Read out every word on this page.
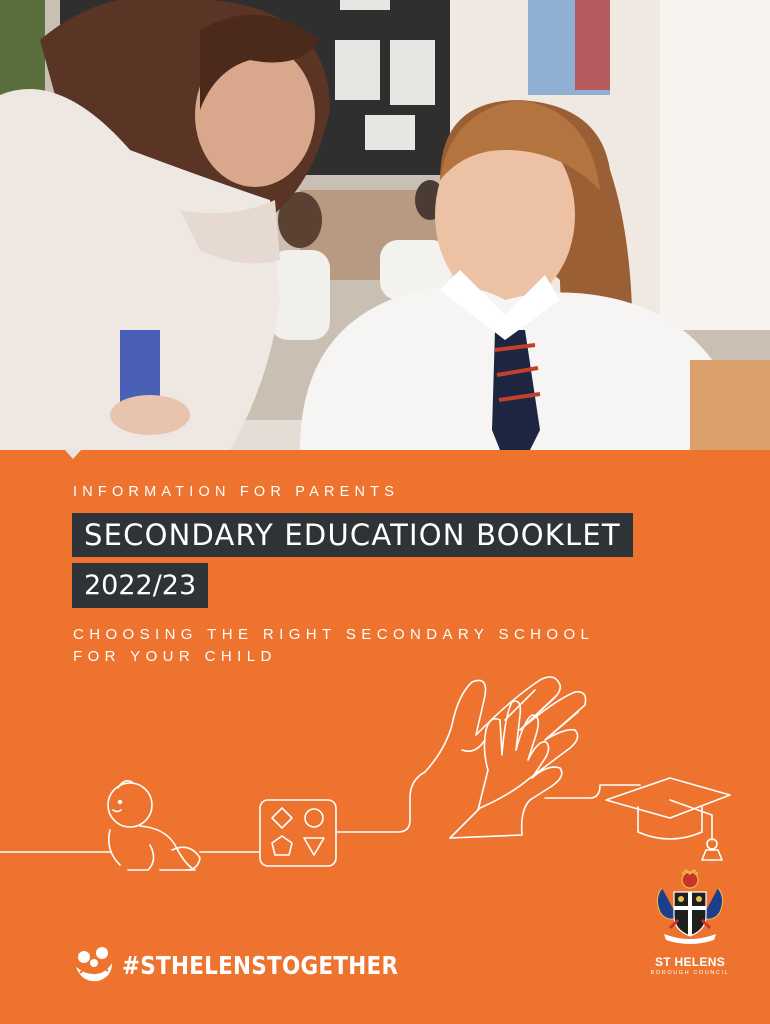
INFORMATION FOR PARENTS
SECONDARY EDUCATION BOOKLET
2022/23
CHOOSING THE RIGHT SECONDARY SCHOOL
FOR YOUR CHILD
#STHELENSTOGETHER	ST HELENS
BOROUGH COUNCIL
